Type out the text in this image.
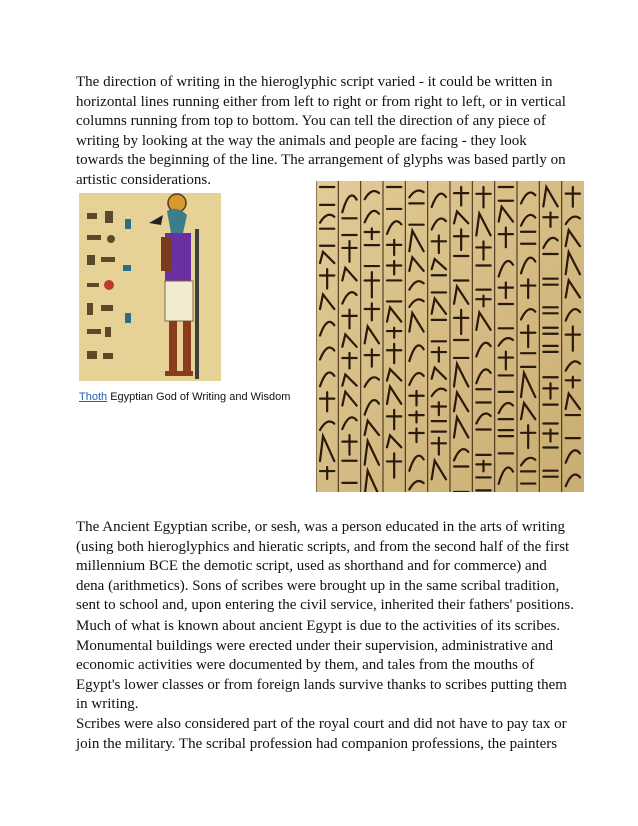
The direction of writing in the hieroglyphic script varied - it could be written in horizontal lines running either from left to right or from right to left, or in vertical columns running from top to bottom. You can tell the direction of any piece of writing by looking at the way the animals and people are facing - they look towards the beginning of the line. The arrangement of glyphs was based partly on artistic considerations.

Thoth Egyptian God of Writing and Wisdom

The Ancient Egyptian scribe, or sesh, was a person educated in the arts of writing (using both hieroglyphics and hieratic scripts, and from the second half of the first millennium BCE the demotic script, used as shorthand and for commerce) and dena (arithmetics). Sons of scribes were brought up in the same scribal tradition, sent to school and, upon entering the civil service, inherited their fathers' positions.

Much of what is known about ancient Egypt is due to the activities of its scribes. Monumental buildings were erected under their supervision, administrative and economic activities were documented by them, and tales from the mouths of Egypt's lower classes or from foreign lands survive thanks to scribes putting them in writing.

Scribes were also considered part of the royal court and did not have to pay tax or join the military. The scribal profession had companion professions, the painters
